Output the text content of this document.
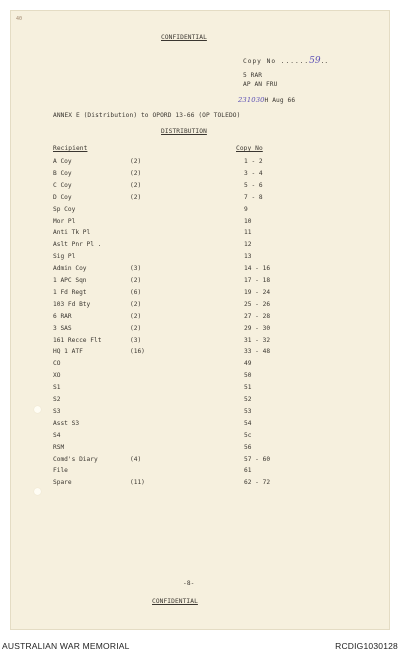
40
CONFIDENTIAL
Copy No ......59..
5 RAR
AP AN FRU
231030H Aug 66
ANNEX E (Distribution) to OPORD 13-66 (OP TOLEDO)
DISTRIBUTION
Recipient	Copy No
A Coy	(2)	1 - 2
B Coy	(2)	3 - 4
C Coy	(2)	5 - 6
D Coy	(2)	7 - 8
Sp Coy	9
Mor Pl	10
Anti Tk Pl	11
Aslt Pnr Pl .	12
Sig Pl	13
Admin Coy	(3)	14 - 16
1 APC Sqn	(2)	17 - 18
1 Fd Regt	(6)	19 - 24
103 Fd Bty	(2)	25 - 26
6 RAR	(2)	27 - 28
3 SAS	(2)	29 - 30
161 Recce Flt	(3)	31 - 32
HQ 1 ATF	(16)	33 - 48
CO	49
XO	50
S1	51
S2	52
S3	53
Asst S3	54
S4	5c
RSM	56
Comd's Diary	(4)	57 - 60
File	61
Spare	(11)	62 - 72
-8-
CONFIDENTIAL
AUSTRALIAN WAR MEMORIAL	RCDIG1030128
